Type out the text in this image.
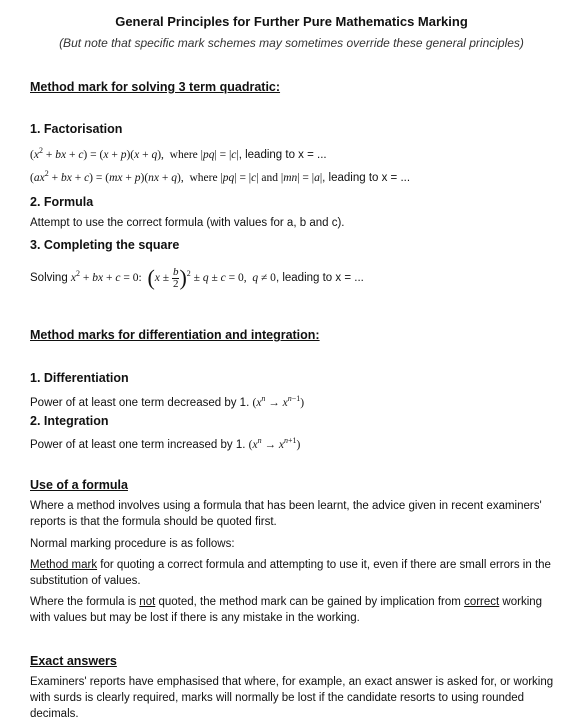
General Principles for Further Pure Mathematics Marking
(But note that specific mark schemes may sometimes override these general principles)
Method mark for solving 3 term quadratic:
1. Factorisation
($x^2$ + bx + c) = (x + p)(x + q),  where |pq| = |c|, leading to x = ...
($ax^2$ + bx + c) = (mx + p)(nx + q),  where |pq| = |c| and |mn| = |a|, leading to x = ...
2. Formula
Attempt to use the correct formula (with values for a, b and c).
3. Completing the square
Solving $x^2$ + bx + c = 0:  $(x \pm \frac{b}{2} )^2 \pm q \pm c = 0$,  q ≠ 0, leading to x = ...
Method marks for differentiation and integration:
1. Differentiation
Power of at least one term decreased by 1. $(x^n \to x^{n-1})$
2. Integration
Power of at least one term increased by 1. $(x^n \to x^{n+1})$
Use of a formula
Where a method involves using a formula that has been learnt, the advice given in recent examiners' reports is that the formula should be quoted first.
Normal marking procedure is as follows:
Method mark for quoting a correct formula and attempting to use it, even if there are small errors in the substitution of values.
Where the formula is not quoted, the method mark can be gained by implication from correct working with values but may be lost if there is any mistake in the working.
Exact answers
Examiners' reports have emphasised that where, for example, an exact answer is asked for, or working with surds is clearly required, marks will normally be lost if the candidate resorts to using rounded decimals.
